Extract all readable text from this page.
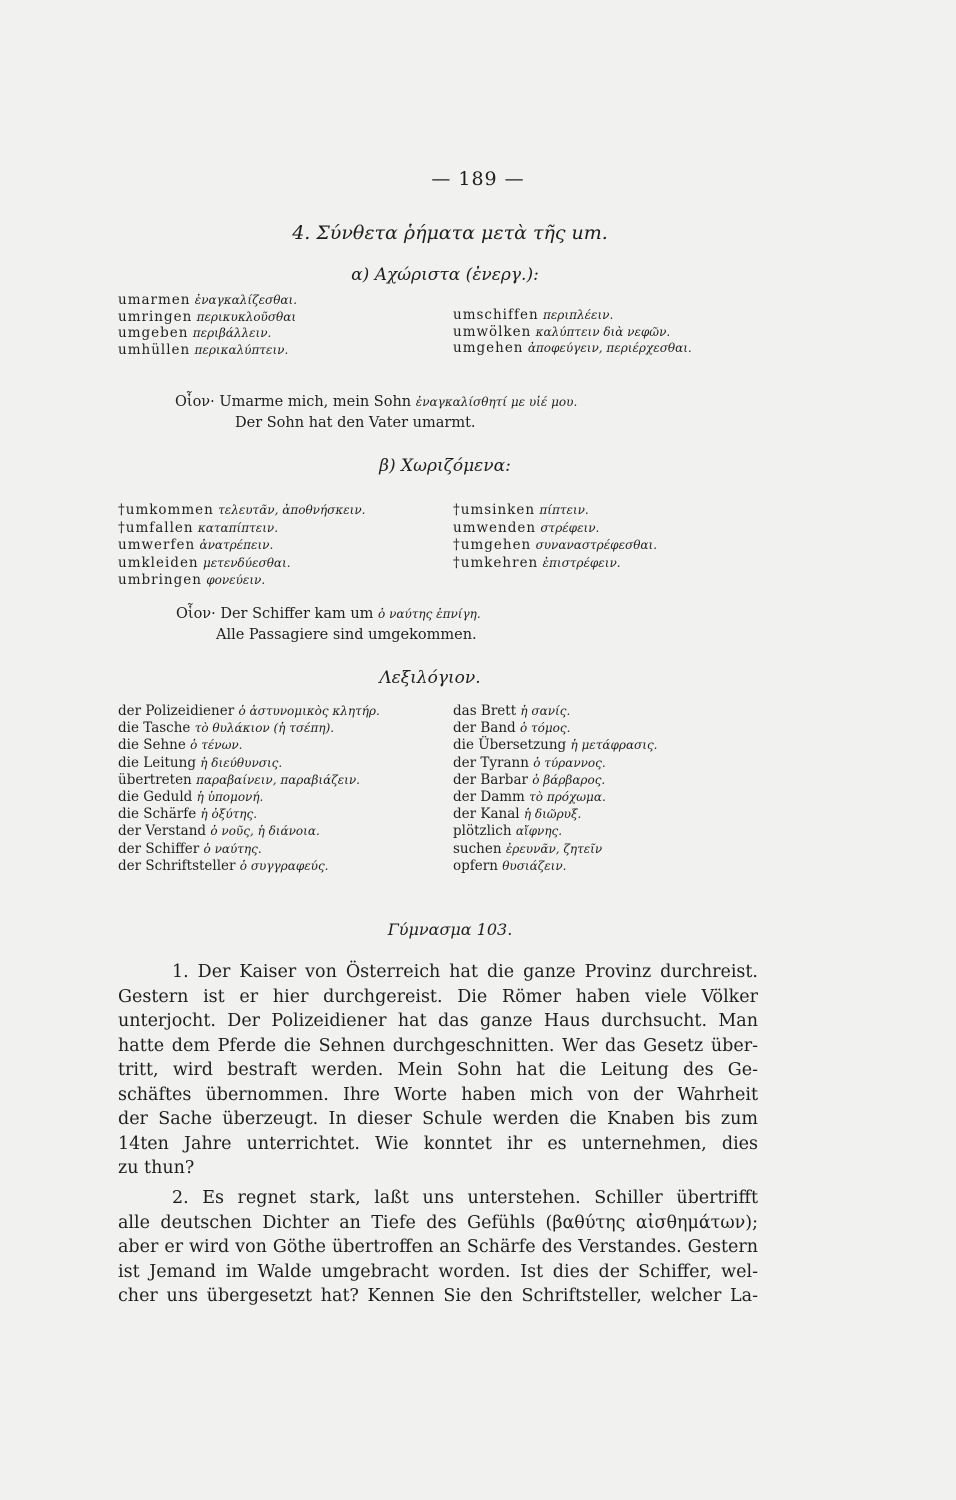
— 189 —
4. Σύνθετα ῥήματα μετὰ τῆς um.
α) Αχώριστα (ἐνεργ.):
umarmen ἐναγκαλίζεσθαι.
umringen περικυκλοῦσθαι
umgeben περιβάλλειν.
umhüllen περικαλύπτειν.
umschiffen περιπλέειν.
umwölken καλύπτειν διὰ νεφῶν.
umgehen ἀποφεύγειν, περιέρχεσθαι.
Οἷον· Umarme mich, mein Sohn ἐναγκαλίσθητί με υἱέ μου.
Der Sohn hat den Vater umarmt.
β) Χωριζόμενα:
†umkommen τελευτᾶν, ἀποθνήσκειν.
†umfallen καταπίπτειν.
umwerfen ἀνατρέπειν.
umkleiden μετενδύεσθαι.
umbringen φονεύειν.
†umsinken πίπτειν.
umwenden στρέφειν.
†umgehen συναναστρέφεσθαι.
†umkehren ἐπιστρέφειν.
Οἷον· Der Schiffer kam um ὁ ναύτης ἐπνίγη.
Alle Passagiere sind umgekommen.
Λεξιλόγιον.
der Polizeidiener ὁ ἀστυνομικὸς κλητήρ.
die Tasche τὸ θυλάκιον (ἡ τσέπη).
die Sehne ὁ τένων.
die Leitung ἡ διεύθυνσις.
übertreten παραβαίνειν, παραβιάζειν.
die Geduld ἡ ὑπομονή.
die Schärfe ἡ ὀξύτης.
der Verstand ὁ νοῦς, ἡ διάνοια.
der Schiffer ὁ ναύτης.
der Schriftsteller ὁ συγγραφεύς.
das Brett ἡ σανίς.
der Band ὁ τόμος.
die Übersetzung ἡ μετάφρασις.
der Tyrann ὁ τύραννος.
der Barbar ὁ βάρβαρος.
der Damm τὸ πρόχωμα.
der Kanal ἡ διῶρυξ.
plötzlich αἴφνης.
suchen ἐρευνᾶν, ζητεῖν
opfern θυσιάζειν.
Γύμνασμα 103.
1. Der Kaiser von Österreich hat die ganze Provinz durchreist.
Gestern ist er hier durchgereist. Die Römer haben viele Völker
unterjocht. Der Polizeidiener hat das ganze Haus durchsucht. Man
hatte dem Pferde die Sehnen durchgeschnitten. Wer das Gesetz über-
tritt, wird bestraft werden. Mein Sohn hat die Leitung des Ge-
schäftes übernommen. Ihre Worte haben mich von der Wahrheit
der Sache überzeugt. In dieser Schule werden die Knaben bis zum
14ten Jahre unterrichtet. Wie konntet ihr es unternehmen, dies
zu thun?
2. Es regnet stark, laßt uns unterstehen. Schiller übertrifft
alle deutschen Dichter an Tiefe des Gefühls (βαθύτης αἰσθημάτων);
aber er wird von Göthe übertroffen an Schärfe des Verstandes. Gestern
ist Jemand im Walde umgebracht worden. Ist dies der Schiffer, wel-
cher uns übergesetzt hat? Kennen Sie den Schriftsteller, welcher La-
